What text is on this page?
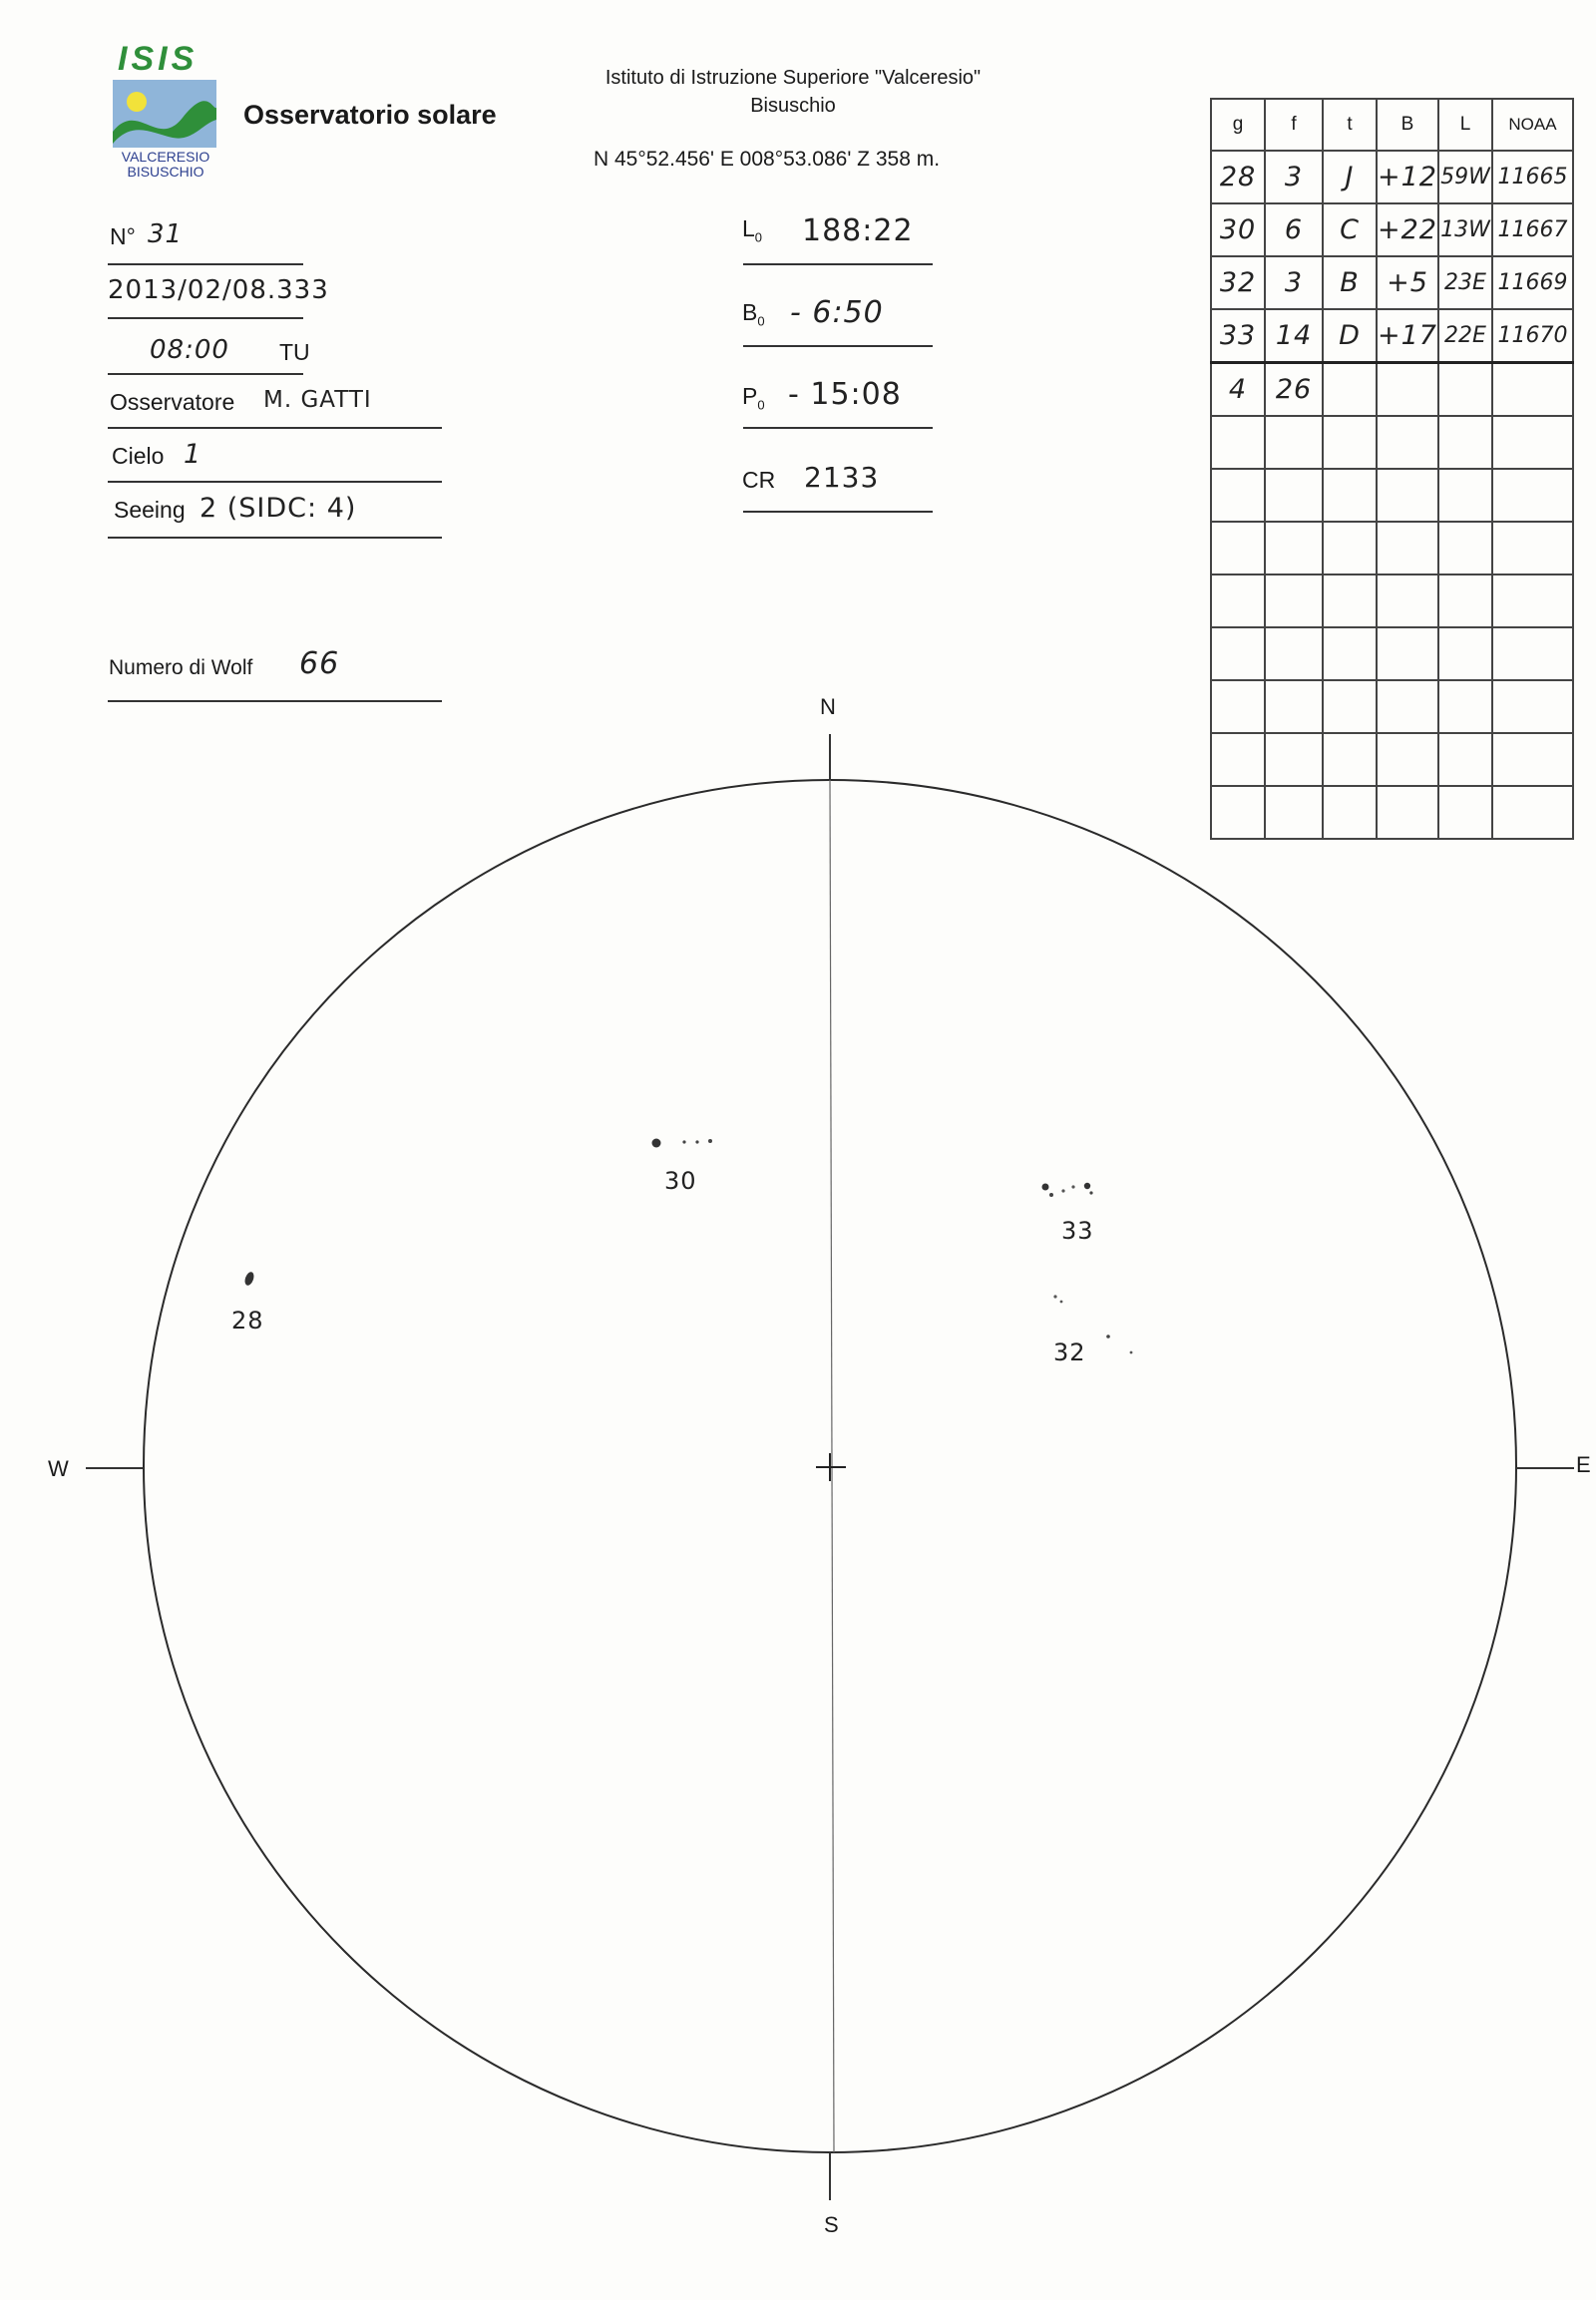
ISIS
VALCERESIO
BISUSCHIO
Osservatorio solare
Istituto di Istruzione Superiore "Valceresio"
Bisuschio
N 45°52.456' E 008°53.086' Z 358 m.
N° 31
2013/02/08.333
08:00 TU
Osservatore M. GATTI
Cielo 1
Seeing 2 (SIDC: 4)
Numero di Wolf 66
$L_0$ 188:22
$B_0$ - 6:50
$P_0$ - 15:08
CR 2133
g	f	t	B	L	NOAA
28	3	J	+12	59W	11665
30	6	C	+22	13W	11667
32	3	B	+5	23E	11669
33	14	D	+17	22E	11670
4	26				

N
S
W	E
28
30
33
32
